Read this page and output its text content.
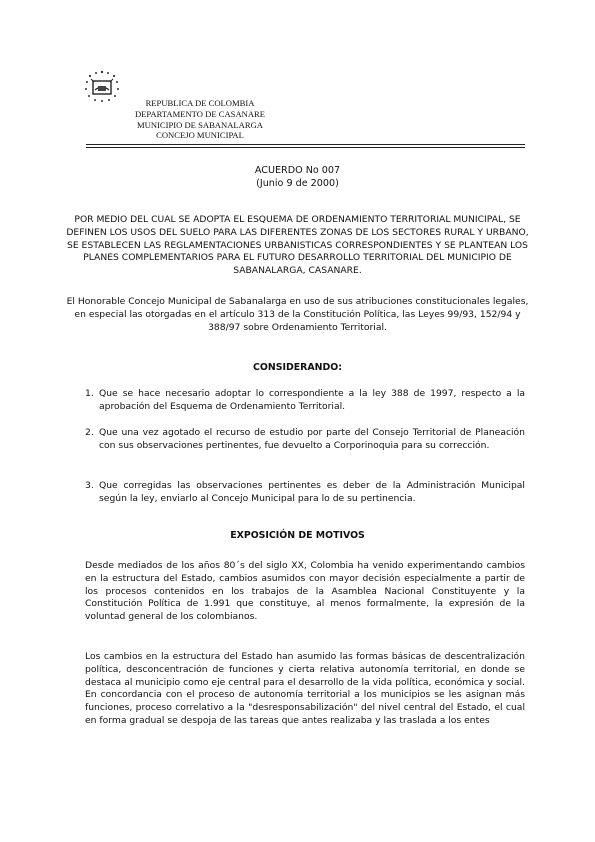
REPUBLICA DE COLOMBIA
DEPARTAMENTO DE CASANARE
MUNICIPIO DE SABANALARGA
CONCEJO MUNICIPAL
ACUERDO No 007
(Junio 9 de 2000)
POR MEDIO DEL CUAL SE ADOPTA EL ESQUEMA DE ORDENAMIENTO TERRITORIAL MUNICIPAL, SE DEFINEN LOS USOS DEL SUELO PARA LAS DIFERENTES ZONAS DE LOS SECTORES RURAL Y URBANO, SE ESTABLECEN LAS REGLAMENTACIONES URBANISTICAS CORRESPONDIENTES Y SE PLANTEAN LOS PLANES COMPLEMENTARIOS PARA EL FUTURO DESARROLLO TERRITORIAL DEL MUNICIPIO DE SABANALARGA, CASANARE.
El Honorable Concejo Municipal de Sabanalarga en uso de sus atribuciones constitucionales legales, en especial las otorgadas en el artículo 313 de la Constitución Política, las Leyes 99/93, 152/94 y 388/97 sobre Ordenamiento Territorial.
CONSIDERANDO:
1. Que se hace necesario adoptar lo correspondiente a la ley 388 de 1997, respecto a la aprobación del Esquema de Ordenamiento Territorial.
2. Que una vez agotado el recurso de estudio por parte del Consejo Territorial de Planeación con sus observaciones pertinentes, fue devuelto a Corporinoquia para su corrección.
3. Que corregidas las observaciones pertinentes es deber de la Administración Municipal según la ley, enviarlo al Concejo Municipal para lo de su pertinencia.
EXPOSICIÓN DE MOTIVOS
Desde mediados de los años 80´s del siglo XX, Colombia ha venido experimentando cambios en la estructura del Estado, cambios asumidos con mayor decisión especialmente a partir de los procesos contenidos en los trabajos de la Asamblea Nacional Constituyente y la Constitución Política de 1.991 que constituye, al menos formalmente, la expresión de la voluntad general de los colombianos.
Los cambios en la estructura del Estado han asumido las formas básicas de descentralización política, desconcentración de funciones y cierta relativa autonomía territorial, en donde se destaca al municipio como eje central para el desarrollo de la vida política, económica y social. En concordancia con el proceso de autonomía territorial a los municipios se les asignan más funciones, proceso correlativo a la "desresponsabilización" del nivel central del Estado, el cual en forma gradual se despoja de las tareas que antes realizaba y las traslada a los entes
